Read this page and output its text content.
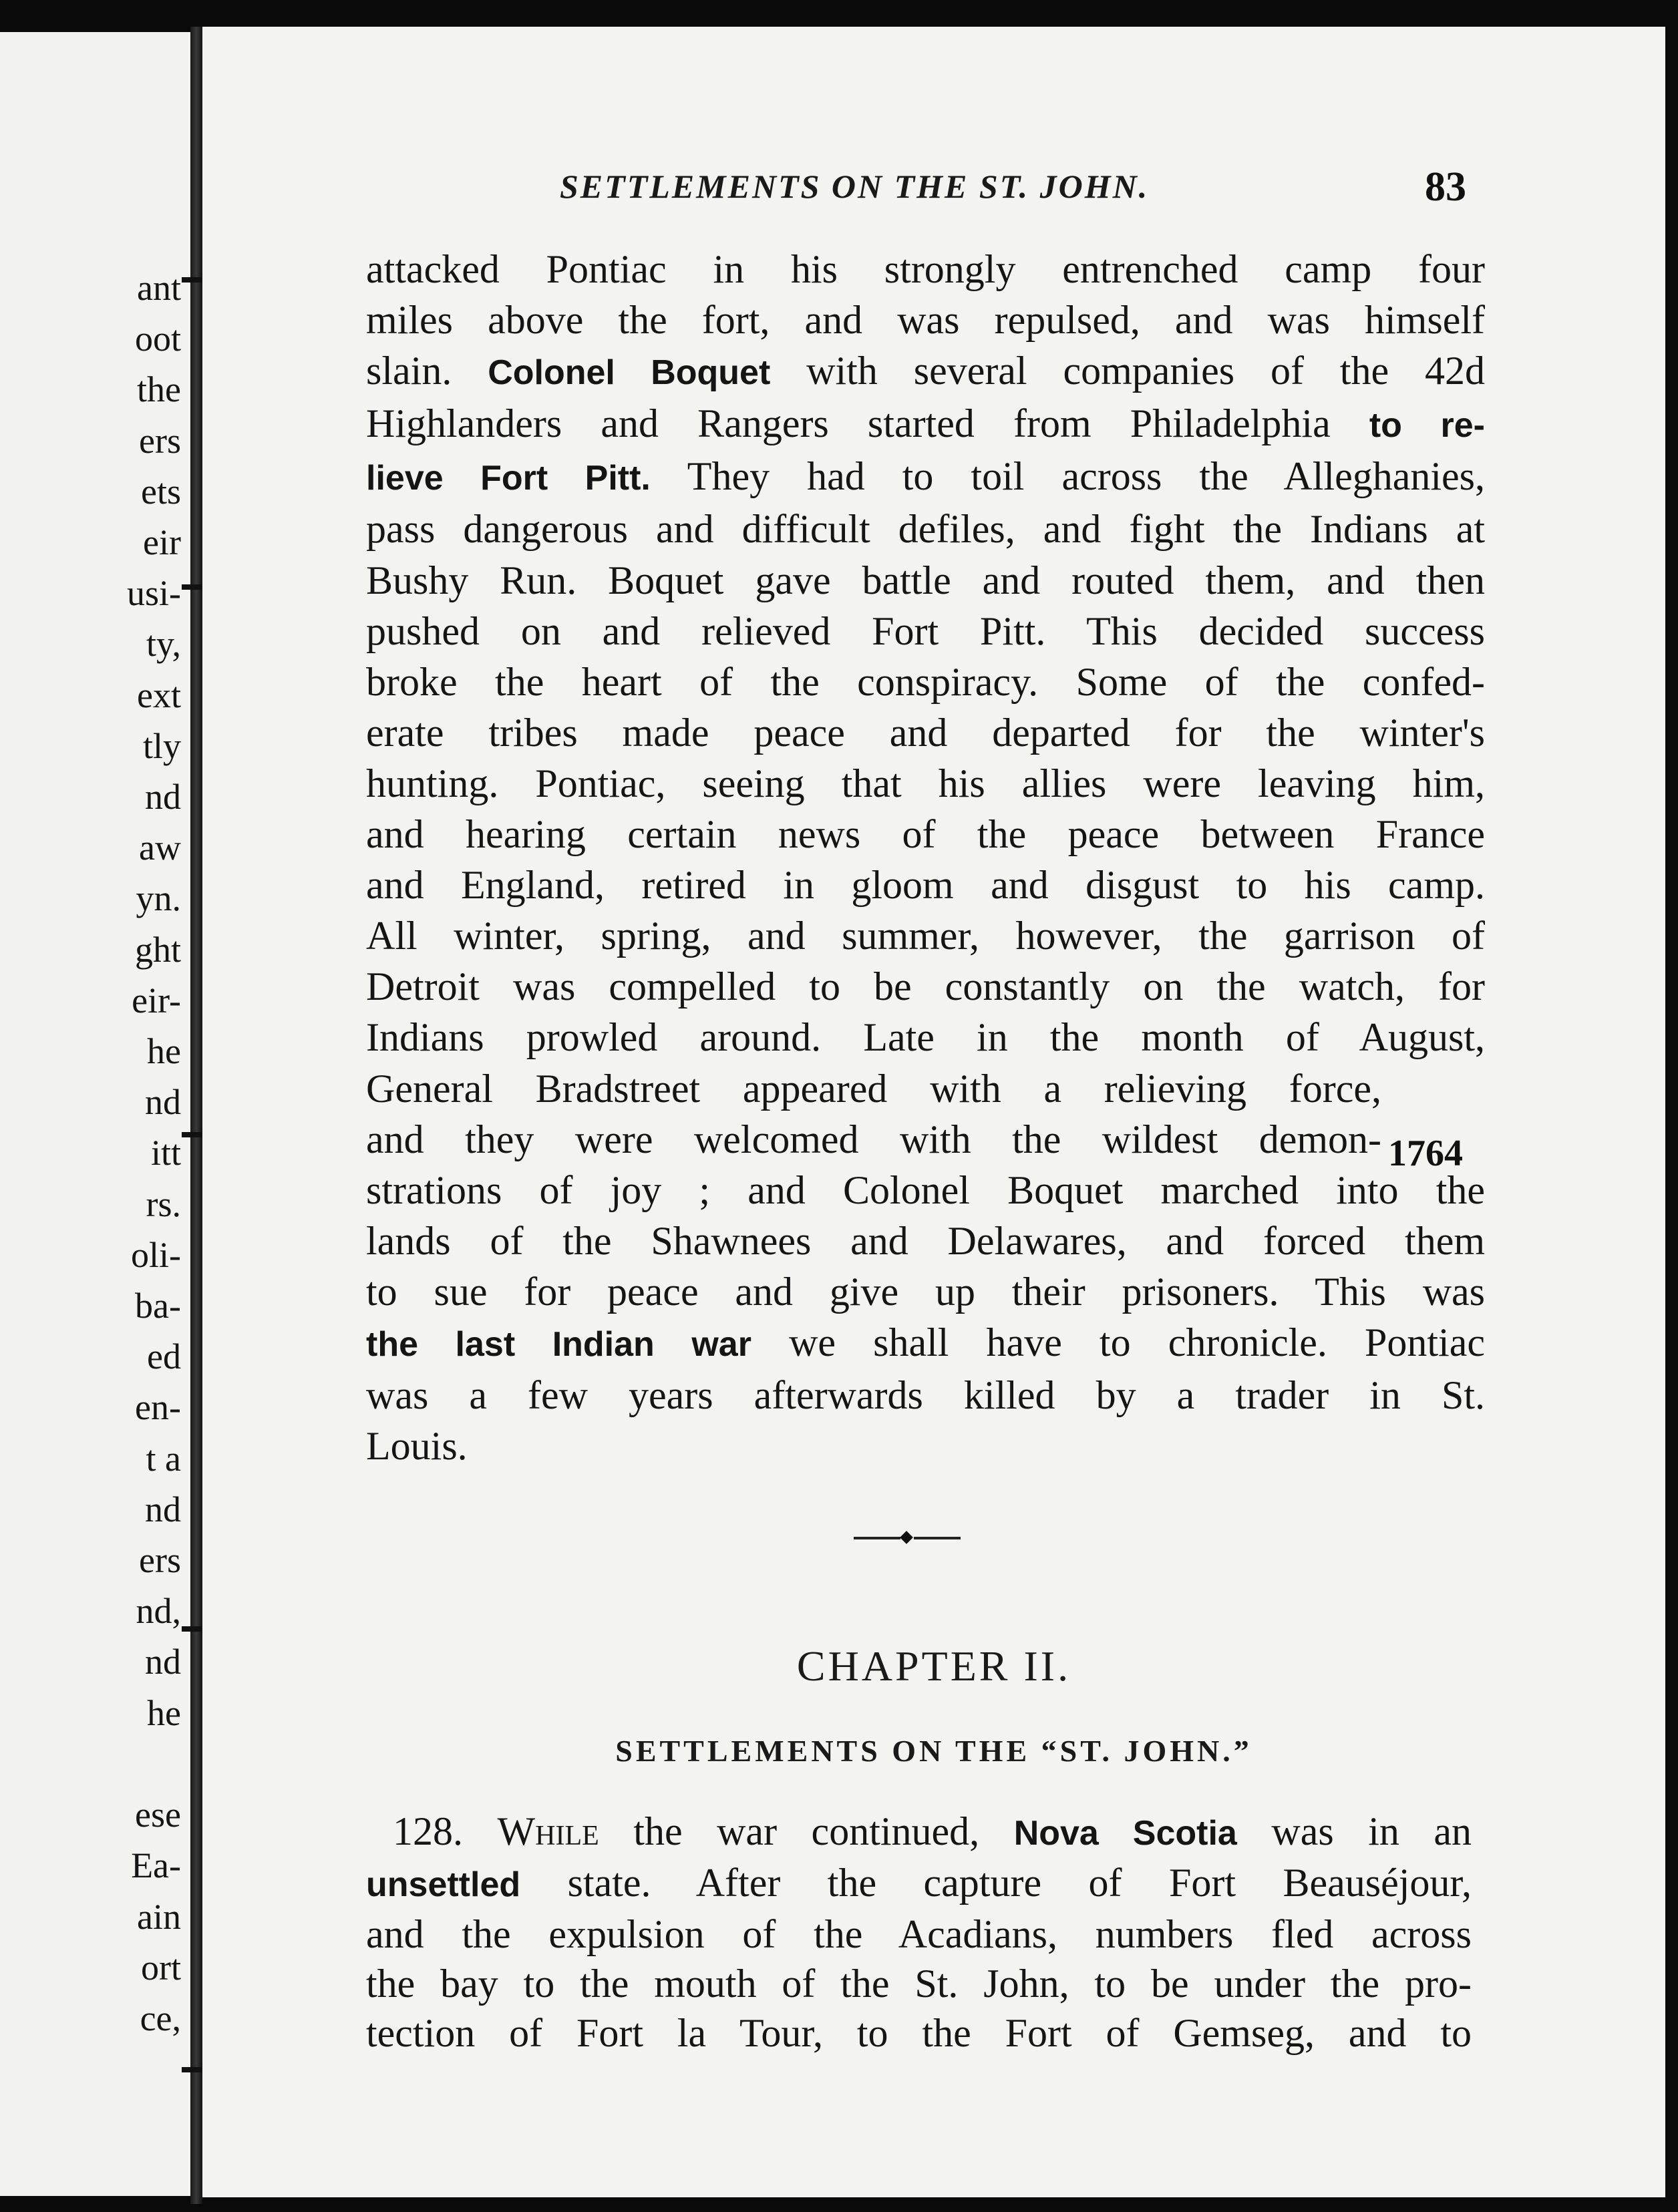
ant
oot
the
ers
ets
eir
usi-
ty,
ext
tly
nd
aw
yn.
ght
eir-
he
nd
itt
rs.
oli-
ba-
ed
en-
t a
nd
ers
nd,
nd
he

ese
Ea-
ain
ort
ce,
SETTLEMENTS ON THE ST. JOHN.	83
attacked Pontiac in his strongly entrenched camp four
miles above the fort, and was repulsed, and was himself
slain. Colonel Boquet with several companies of the 42d
Highlanders and Rangers started from Philadelphia to re-
lieve Fort Pitt. They had to toil across the Alleghanies,
pass dangerous and difficult defiles, and fight the Indians at
Bushy Run. Boquet gave battle and routed them, and then
pushed on and relieved Fort Pitt. This decided success
broke the heart of the conspiracy. Some of the confed-
erate tribes made peace and departed for the winter's
hunting. Pontiac, seeing that his allies were leaving him,
and hearing certain news of the peace between France
and England, retired in gloom and disgust to his camp.
All winter, spring, and summer, however, the garrison of
Detroit was compelled to be constantly on the watch, for
Indians prowled around. Late in the month of August,
General Bradstreet appeared with a relieving force,
and they were welcomed with the wildest demon-
strations of joy ; and Colonel Boquet marched into the
lands of the Shawnees and Delawares, and forced them
to sue for peace and give up their prisoners. This was
the last Indian war we shall have to chronicle. Pontiac
was a few years afterwards killed by a trader in St.
Louis.
1764
CHAPTER II.
SETTLEMENTS ON THE “ST. JOHN.”
128. While the war continued, Nova Scotia was in an
unsettled state. After the capture of Fort Beauséjour,
and the expulsion of the Acadians, numbers fled across
the bay to the mouth of the St. John, to be under the pro-
tection of Fort la Tour, to the Fort of Gemseg, and to
